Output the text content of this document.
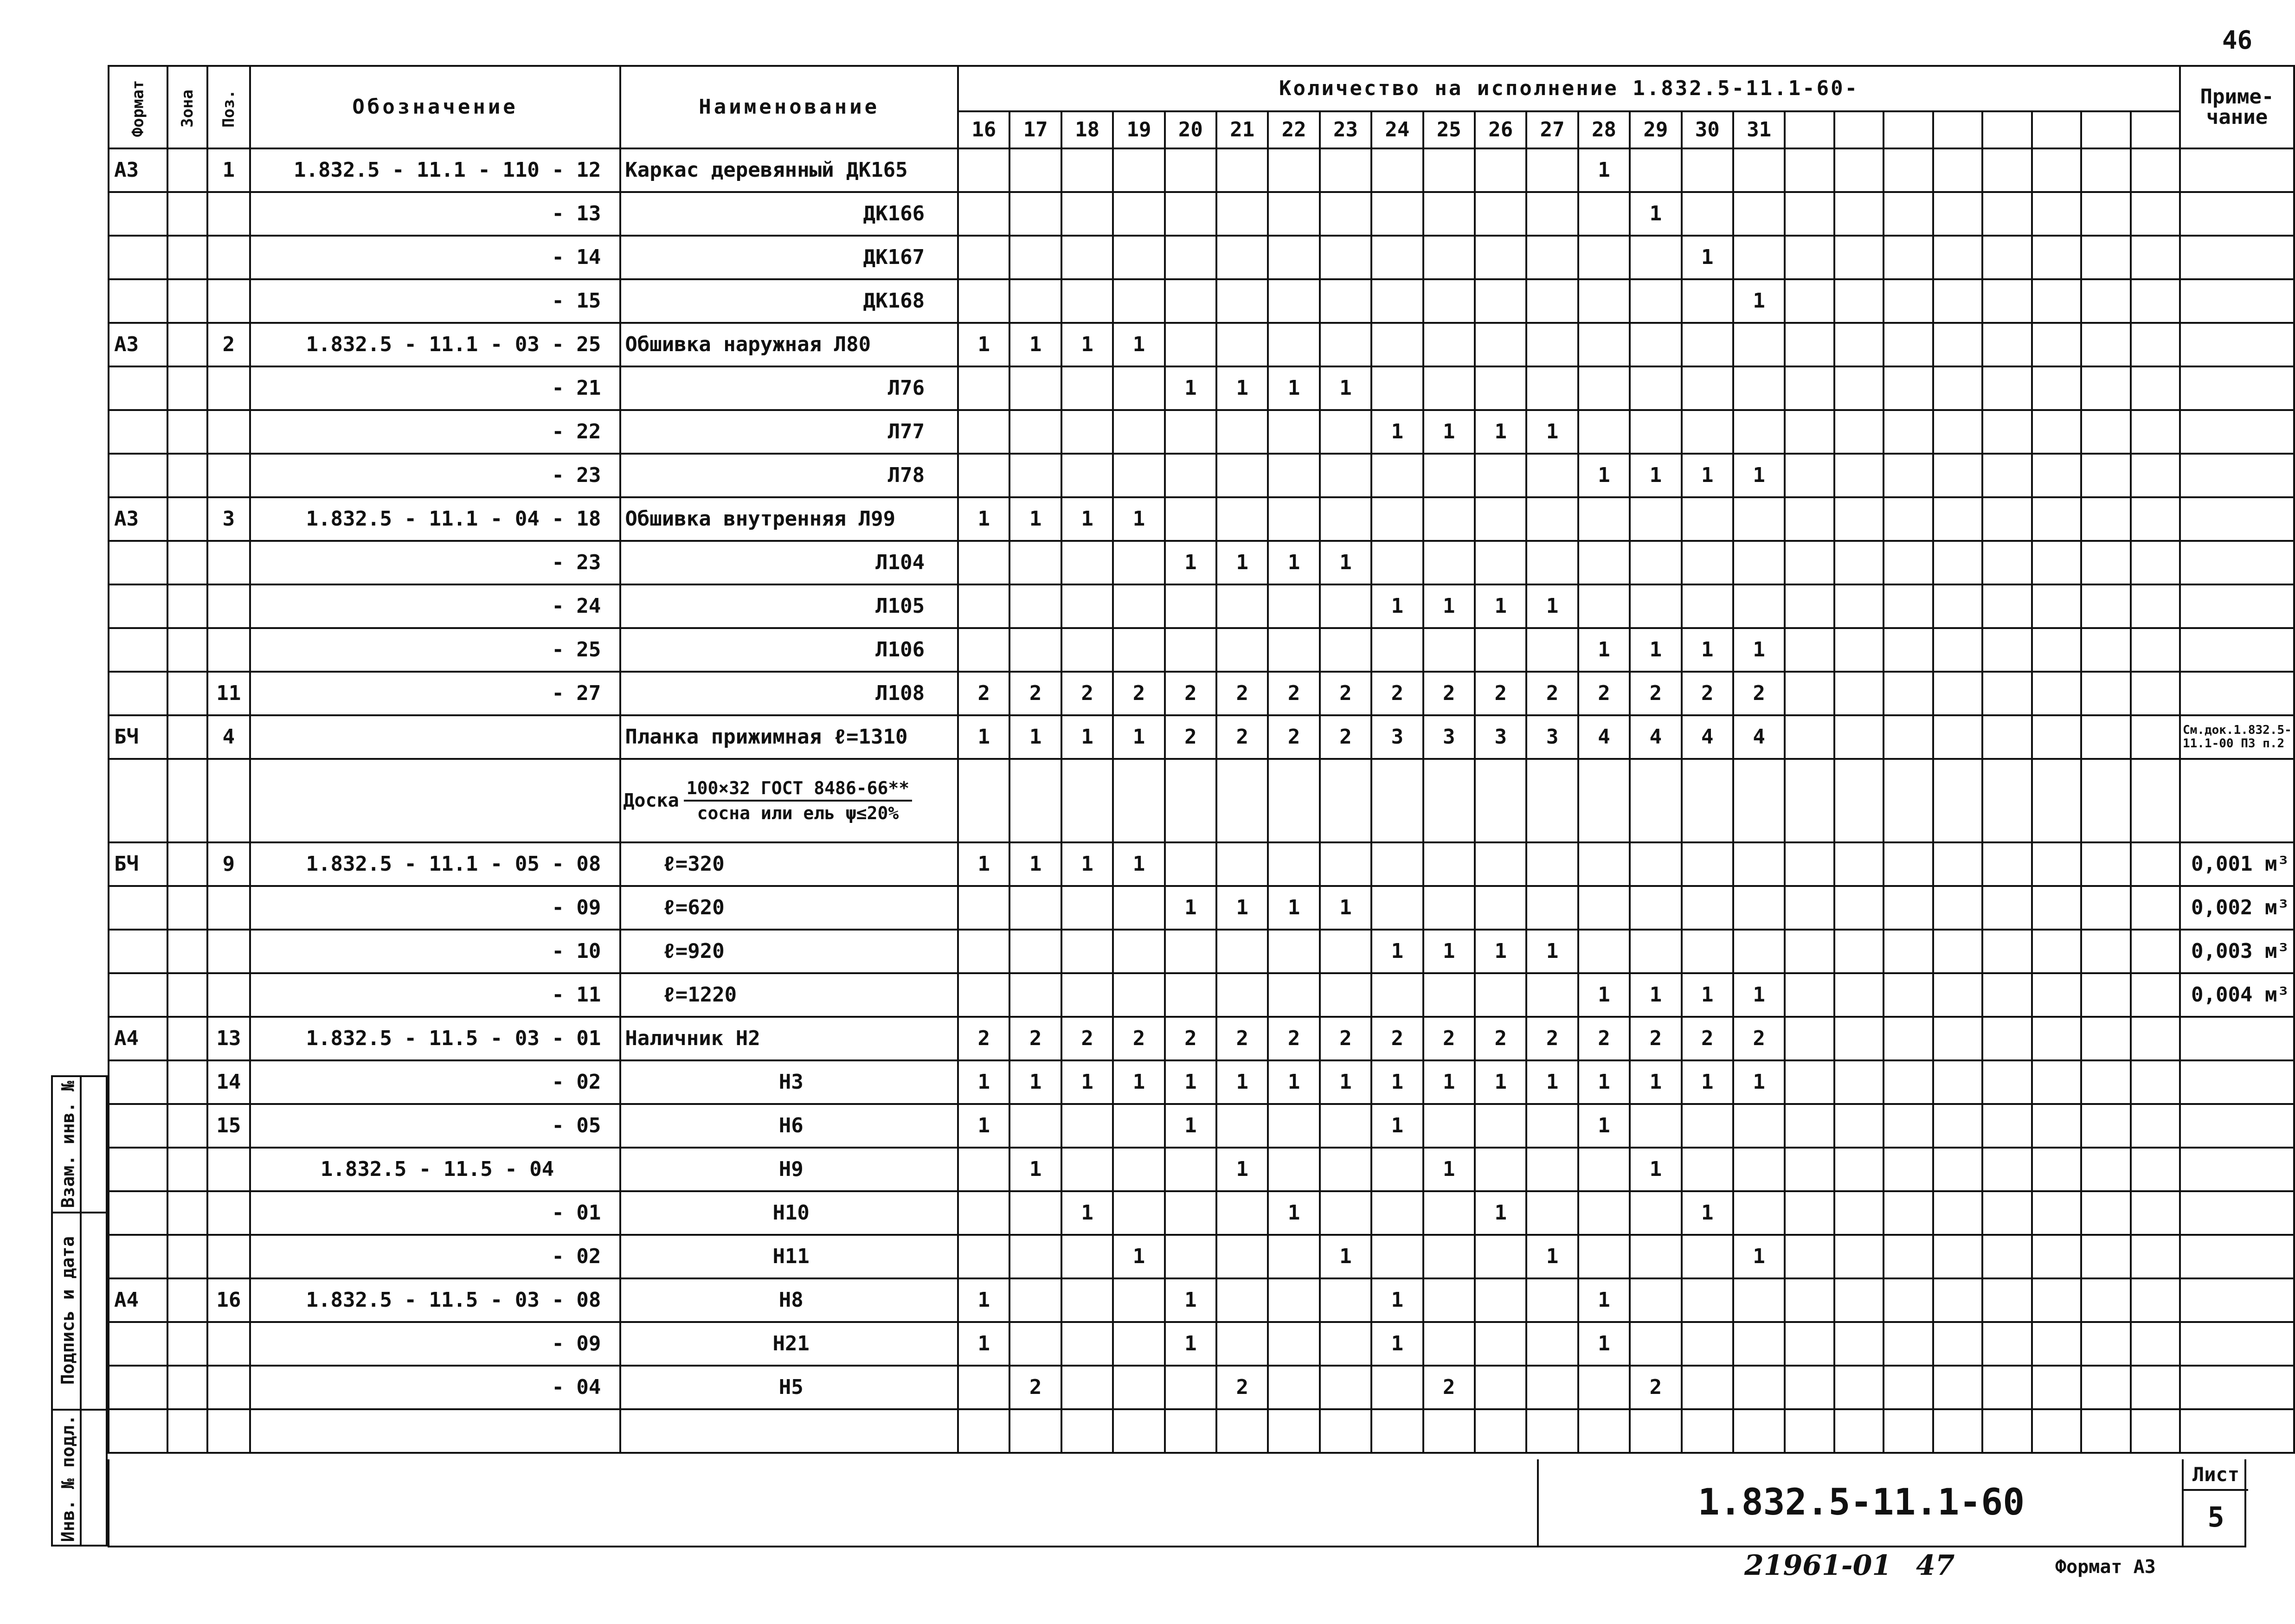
46
Формат	Зона	Поз.	Обозначение	Наименование	Количество на исполнение 1.832.5-11.1-60-																								Приме-
чание
					16	17	18	19	20	21	22	23	24	25	26	27	28	29	30	31									
А3		1	1.832.5 - 11.1 - 110 - 12	Каркас деревянный ДК165													1												
			- 13	ДК166														1											
			- 14	ДК167															1										
			- 15	ДК168																1									
А3		2	1.832.5 - 11.1 - 03 - 25	Обшивка наружная Л80	1	1	1	1																					
			- 21	Л76					1	1	1	1																	
			- 22	Л77									1	1	1	1													
			- 23	Л78													1	1	1	1									
А3		3	1.832.5 - 11.1 - 04 - 18	Обшивка внутренняя Л99	1	1	1	1																					
			- 23	Л104					1	1	1	1																	
			- 24	Л105									1	1	1	1													
			- 25	Л106													1	1	1	1									
		11	- 27	Л108	2	2	2	2	2	2	2	2	2	2	2	2	2	2	2	2									
БЧ		4		Планка прижимная ℓ=1310	1	1	1	1	2	2	2	2	3	3	3	3	4	4	4	4									См.док.1.832.5-11.1-00 ПЗ п.2

				Доска $\frac{\text{100×32 ГОСТ 8486-66**}}{\text{сосна или ель ψ≤20\%}}$

БЧ		9	1.832.5 - 11.1 - 05 - 08	ℓ=320	1	1	1	1																					0,001 м³
			- 09	ℓ=620					1	1	1	1																	0,002 м³
			- 10	ℓ=920									1	1	1	1													0,003 м³
			- 11	ℓ=1220													1	1	1	1									0,004 м³
А4		13	1.832.5 - 11.5 - 03 - 01	Наличник Н2	2	2	2	2	2	2	2	2	2	2	2	2	2	2	2	2									
		14	- 02	Н3	1	1	1	1	1	1	1	1	1	1	1	1	1	1	1	1									
		15	- 05	Н6	1				1				1				1												
			1.832.5 - 11.5 - 04	Н9		1				1				1				1											
			- 01	Н10			1				1				1				1										
			- 02	Н11				1				1				1				1									
А4		16	1.832.5 - 11.5 - 03 - 08	Н8	1				1				1				1												
			- 09	Н21	1				1				1				1												
			- 04	Н5		2				2				2				2											

Взам. инв. №
Подпись и дата
Инв. № подл.	1.832.5-11.1-60
Лист
5
21961-01 47	Формат А3
